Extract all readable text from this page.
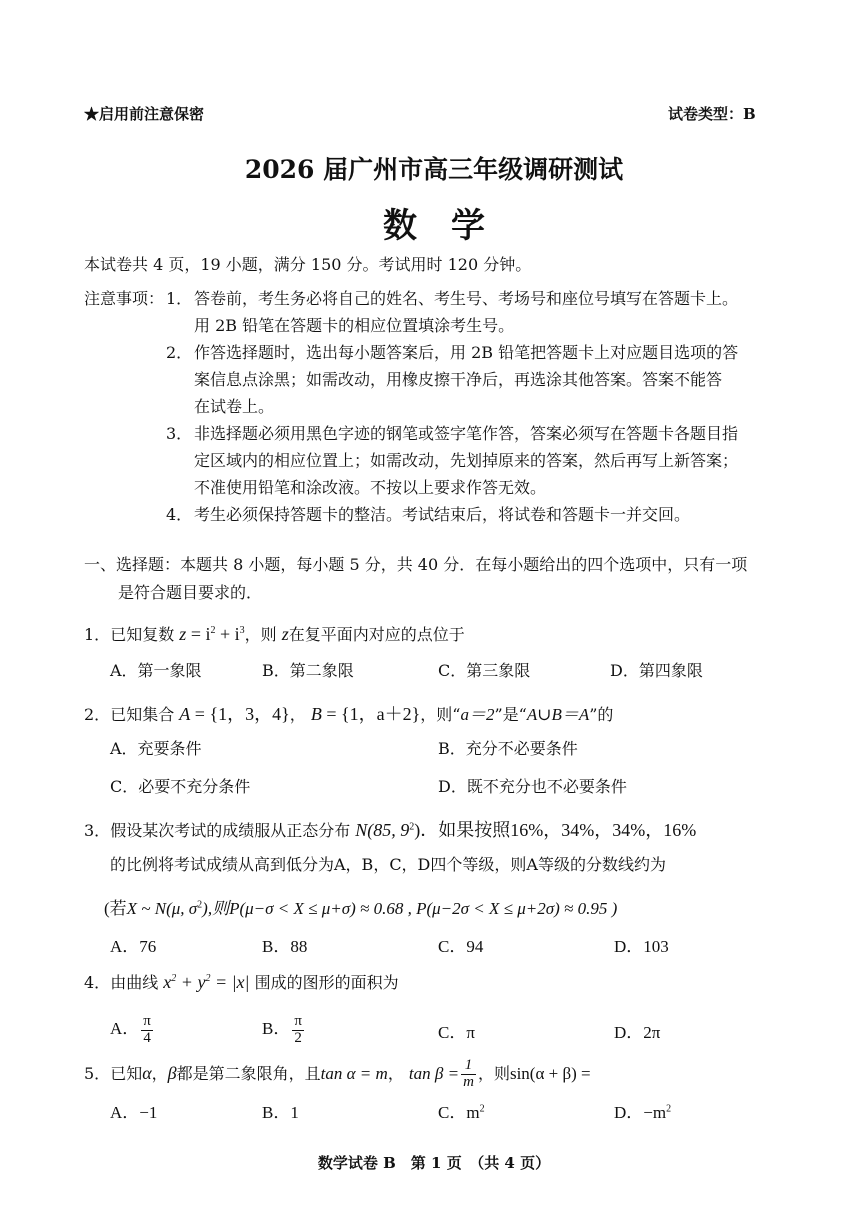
★启用前注意保密	试卷类型：B
2026 届广州市高三年级调研测试
数　学
本试卷共 4 页，19 小题，满分 150 分。考试用时 120 分钟。
注意事项： 1． 答卷前，考生务必将自己的姓名、考生号、考场号和座位号填写在答题卡上。
用 2B 铅笔在答题卡的相应位置填涂考生号。
2． 作答选择题时，选出每小题答案后，用 2B 铅笔把答题卡上对应题目选项的答
案信息点涂黑；如需改动，用橡皮擦干净后，再选涂其他答案。答案不能答
在试卷上。
3． 非选择题必须用黑色字迹的钢笔或签字笔作答，答案必须写在答题卡各题目指
定区域内的相应位置上；如需改动，先划掉原来的答案，然后再写上新答案；
不准使用铅笔和涂改液。不按以上要求作答无效。
4． 考生必须保持答题卡的整洁。考试结束后，将试卷和答题卡一并交回。
一、选择题：本题共 8 小题，每小题 5 分，共 40 分．在每小题给出的四个选项中，只有一项
是符合题目要求的．
1．已知复数 $z = i^2 + i^3$，则 z在复平面内对应的点位于
A．第一象限	B．第二象限	C．第三象限	D．第四象限
2．已知集合 A = {1，3，4}， B = {1，a＋2}，则“a＝2”是“A∪B＝A”的
A．充要条件	B．充分不必要条件
C．必要不充分条件	D．既不充分也不必要条件
3．假设某次考试的成绩服从正态分布 N(85, $9^2$)．如果按照16%，34%，34%，16%
的比例将考试成绩从高到低分为A，B，C，D四个等级，则A等级的分数线约为
(若X ~ N(μ, $\sigma^2$),则P(μ−σ < X ≤ μ+σ) ≈ 0.68 , P(μ−2σ < X ≤ μ+2σ) ≈ 0.95 )
A．76	B．88	C．94	D．103
4．由曲线 $x^2 + y^2 = |x|$ 围成的图形的面积为
A． $\frac{\pi}{4}$	B． $\frac{\pi}{2}$	C．π	D．2π
5．已知α，β都是第二象限角，且tan α = m， $\tan \beta = \frac{1}{m}$ ，则sin(α + β) =
A．−1	B．1	C．$m^2$	D．$-m^2$
数学试卷 B　第 1 页　（共 4 页）
